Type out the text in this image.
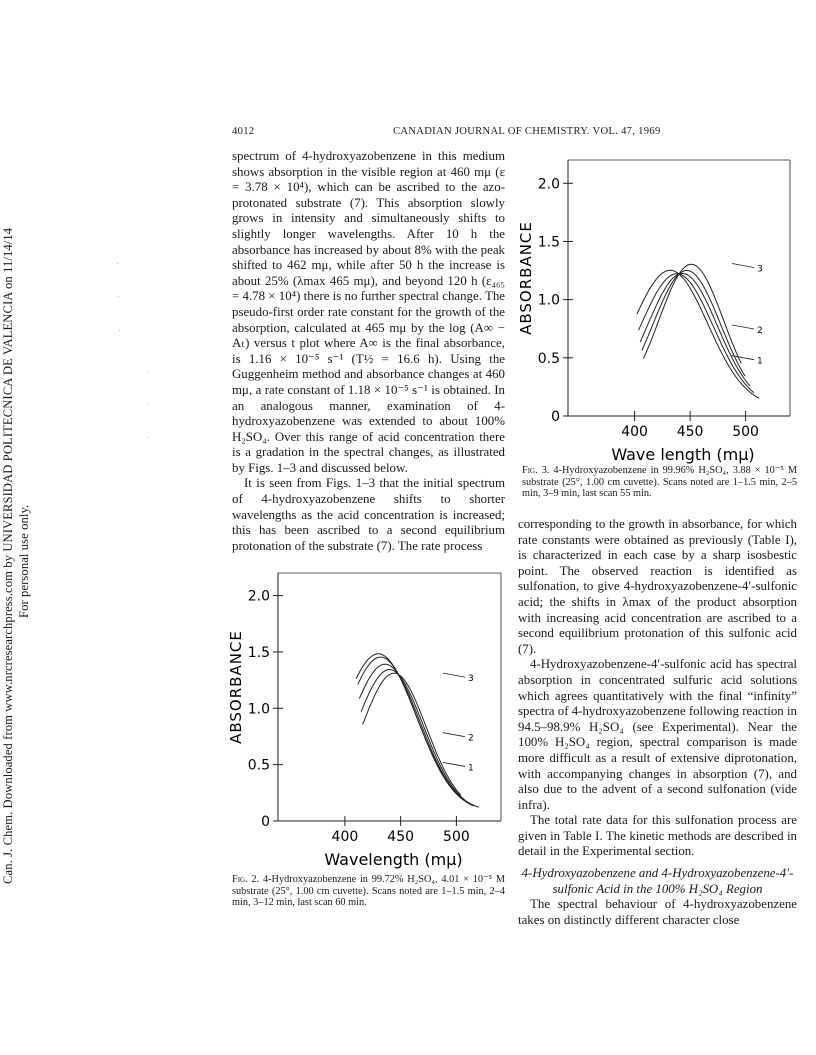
Can. J. Chem. Downloaded from www.nrcresearchpress.com by UNIVERSIDAD POLITECNICA DE VALENCIA on 11/14/14 For personal use only.
4012	CANADIAN JOURNAL OF CHEMISTRY. VOL. 47, 1969

spectrum of 4-hydroxyazobenzene in this medium shows absorption in the visible region at 460 mμ (ε = 3.78 × 10⁴), which can be ascribed to the azo-protonated substrate (7). This absorption slowly grows in intensity and simultaneously shifts to slightly longer wavelengths. After 10 h the absorbance has increased by about 8% with the peak shifted to 462 mμ, while after 50 h the increase is about 25% (λmax 465 mμ), and beyond 120 h (ε₄₆₅ = 4.78 × 10⁴) there is no further spectral change. The pseudo-first order rate constant for the growth of the absorption, calculated at 465 mμ by the log (A∞ − Aₜ) versus t plot where A∞ is the final absorbance, is 1.16 × 10⁻⁵ s⁻¹ (T½ = 16.6 h). Using the Guggenheim method and absorbance changes at 460 mμ, a rate constant of 1.18 × 10⁻⁵ s⁻¹ is obtained. In an analogous manner, examination of 4-hydroxyazobenzene was extended to about 100% H₂SO₄. Over this range of acid concentration there is a gradation in the spectral changes, as illustrated by Figs. 1–3 and discussed below.

It is seen from Figs. 1–3 that the initial spectrum of 4-hydroxyazobenzene shifts to shorter wavelengths as the acid concentration is increased; this has been ascribed to a second equilibrium protonation of the substrate (7). The rate process

0
0.5
1.5
2.0
1.0
400 450 500
Wavelength (mμ)
ABSORBANCE	3
2
1
Fig. 2. 4-Hydroxyazobenzene in 99.72% H₂SO₄, 4.01 × 10⁻⁵ M substrate (25°, 1.00 cm cuvette). Scans noted are 1–1.5 min, 2–4 min, 3–12 min, last scan 60 min.
0
0.5
1.0
1.5
2.0
400 450 500
Wave length (mμ)
ABSORBANCE	3
2
1
Fig. 3. 4-Hydroxyazobenzene in 99.96% H₂SO₄, 3.88 × 10⁻⁵ M substrate (25°, 1.00 cm cuvette). Scans noted are 1–1.5 min, 2–5 min, 3–9 min, last scan 55 min.

corresponding to the growth in absorbance, for which rate constants were obtained as previously (Table I), is characterized in each case by a sharp isosbestic point. The observed reaction is identified as sulfonation, to give 4-hydroxyazobenzene-4′-sulfonic acid; the shifts in λmax of the product absorption with increasing acid concentration are ascribed to a second equilibrium protonation of this sulfonic acid (7).

4-Hydroxyazobenzene-4′-sulfonic acid has spectral absorption in concentrated sulfuric acid solutions which agrees quantitatively with the final “infinity” spectra of 4-hydroxyazobenzene following reaction in 94.5–98.9% H₂SO₄ (see Experimental). Near the 100% H₂SO₄ region, spectral comparison is made more difficult as a result of extensive diprotonation, with accompanying changes in absorption (7), and also due to the advent of a second sulfonation (vide infra).

The total rate data for this sulfonation process are given in Table I. The kinetic methods are described in detail in the Experimental section.

4-Hydroxyazobenzene and 4-Hydroxyazobenzene-4′-sulfonic Acid in the 100% H₂SO₄ Region

The spectral behaviour of 4-hydroxyazobenzene takes on distinctly different character close
